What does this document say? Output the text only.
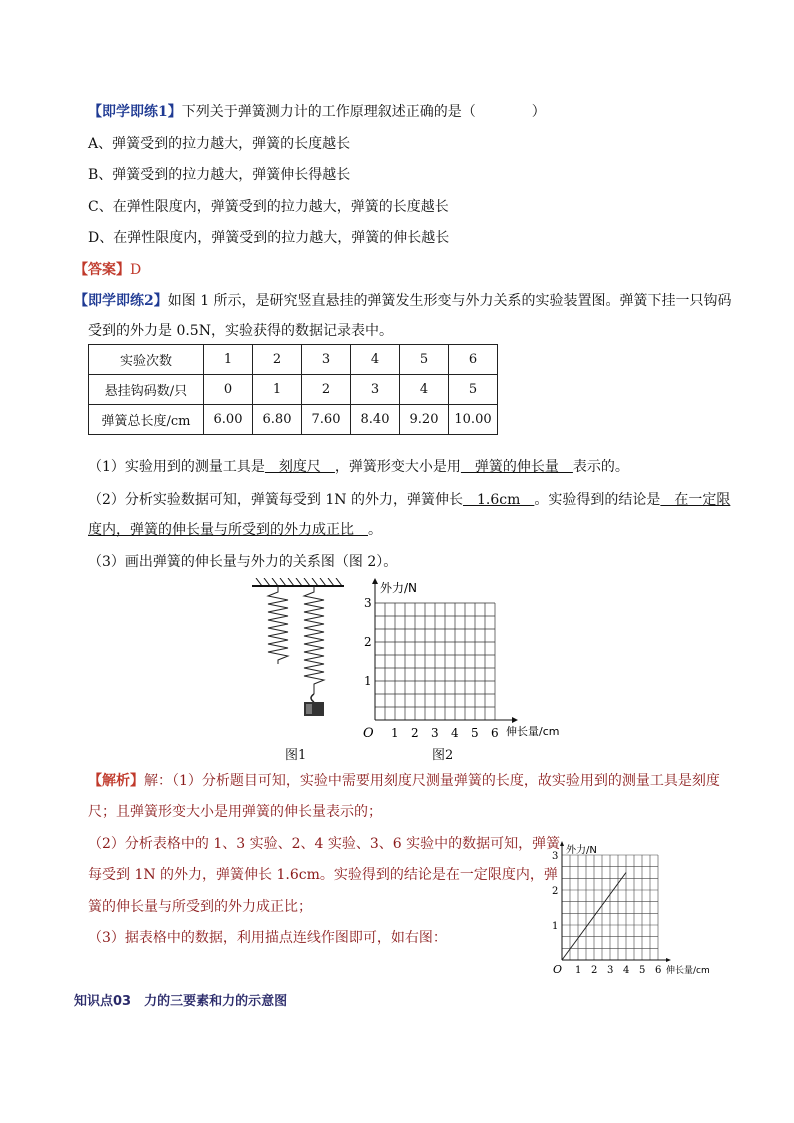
【即学即练1】下列关于弹簧测力计的工作原理叙述正确的是（　　　　）
A、弹簧受到的拉力越大，弹簧的长度越长
B、弹簧受到的拉力越大，弹簧伸长得越长
C、在弹性限度内，弹簧受到的拉力越大，弹簧的长度越长
D、在弹性限度内，弹簧受到的拉力越大，弹簧的伸长越长
【答案】D
【即学即练2】如图 1 所示，是研究竖直悬挂的弹簧发生形变与外力关系的实验装置图。弹簧下挂一只钩码
受到的外力是 0.5N，实验获得的数据记录表中。
实验次数	1	2	3	4	5	6
悬挂钩码数/只	0	1	2	3	4	5
弹簧总长度/cm	6.00	6.80	7.60	8.40	9.20	10.00
（1）实验用到的测量工具是　刻度尺　，弹簧形变大小是用　弹簧的伸长量　表示的。
（2）分析实验数据可知，弹簧每受到 1N 的外力，弹簧伸长　1.6cm　。实验得到的结论是　在一定限
度内，弹簧的伸长量与所受到的外力成正比　。
（3）画出弹簧的伸长量与外力的关系图（图 2）。
图1
外力/N
伸长量/cm
O 1 2 3 4 5 6
1
2
3
图2
【解析】解：（1）分析题目可知，实验中需要用刻度尺测量弹簧的长度，故实验用到的测量工具是刻度
尺；且弹簧形变大小是用弹簧的伸长量表示的；
（2）分析表格中的 1、3 实验、2、4 实验、3、6 实验中的数据可知，弹簧
每受到 1N 的外力，弹簧伸长 1.6cm。实验得到的结论是在一定限度内，弹
簧的伸长量与所受到的外力成正比；
（3）据表格中的数据，利用描点连线作图即可，如右图：
外力/N
伸长量/cm
O 1 2 3 4 5 6
1
2
3
知识点03　力的三要素和力的示意图
